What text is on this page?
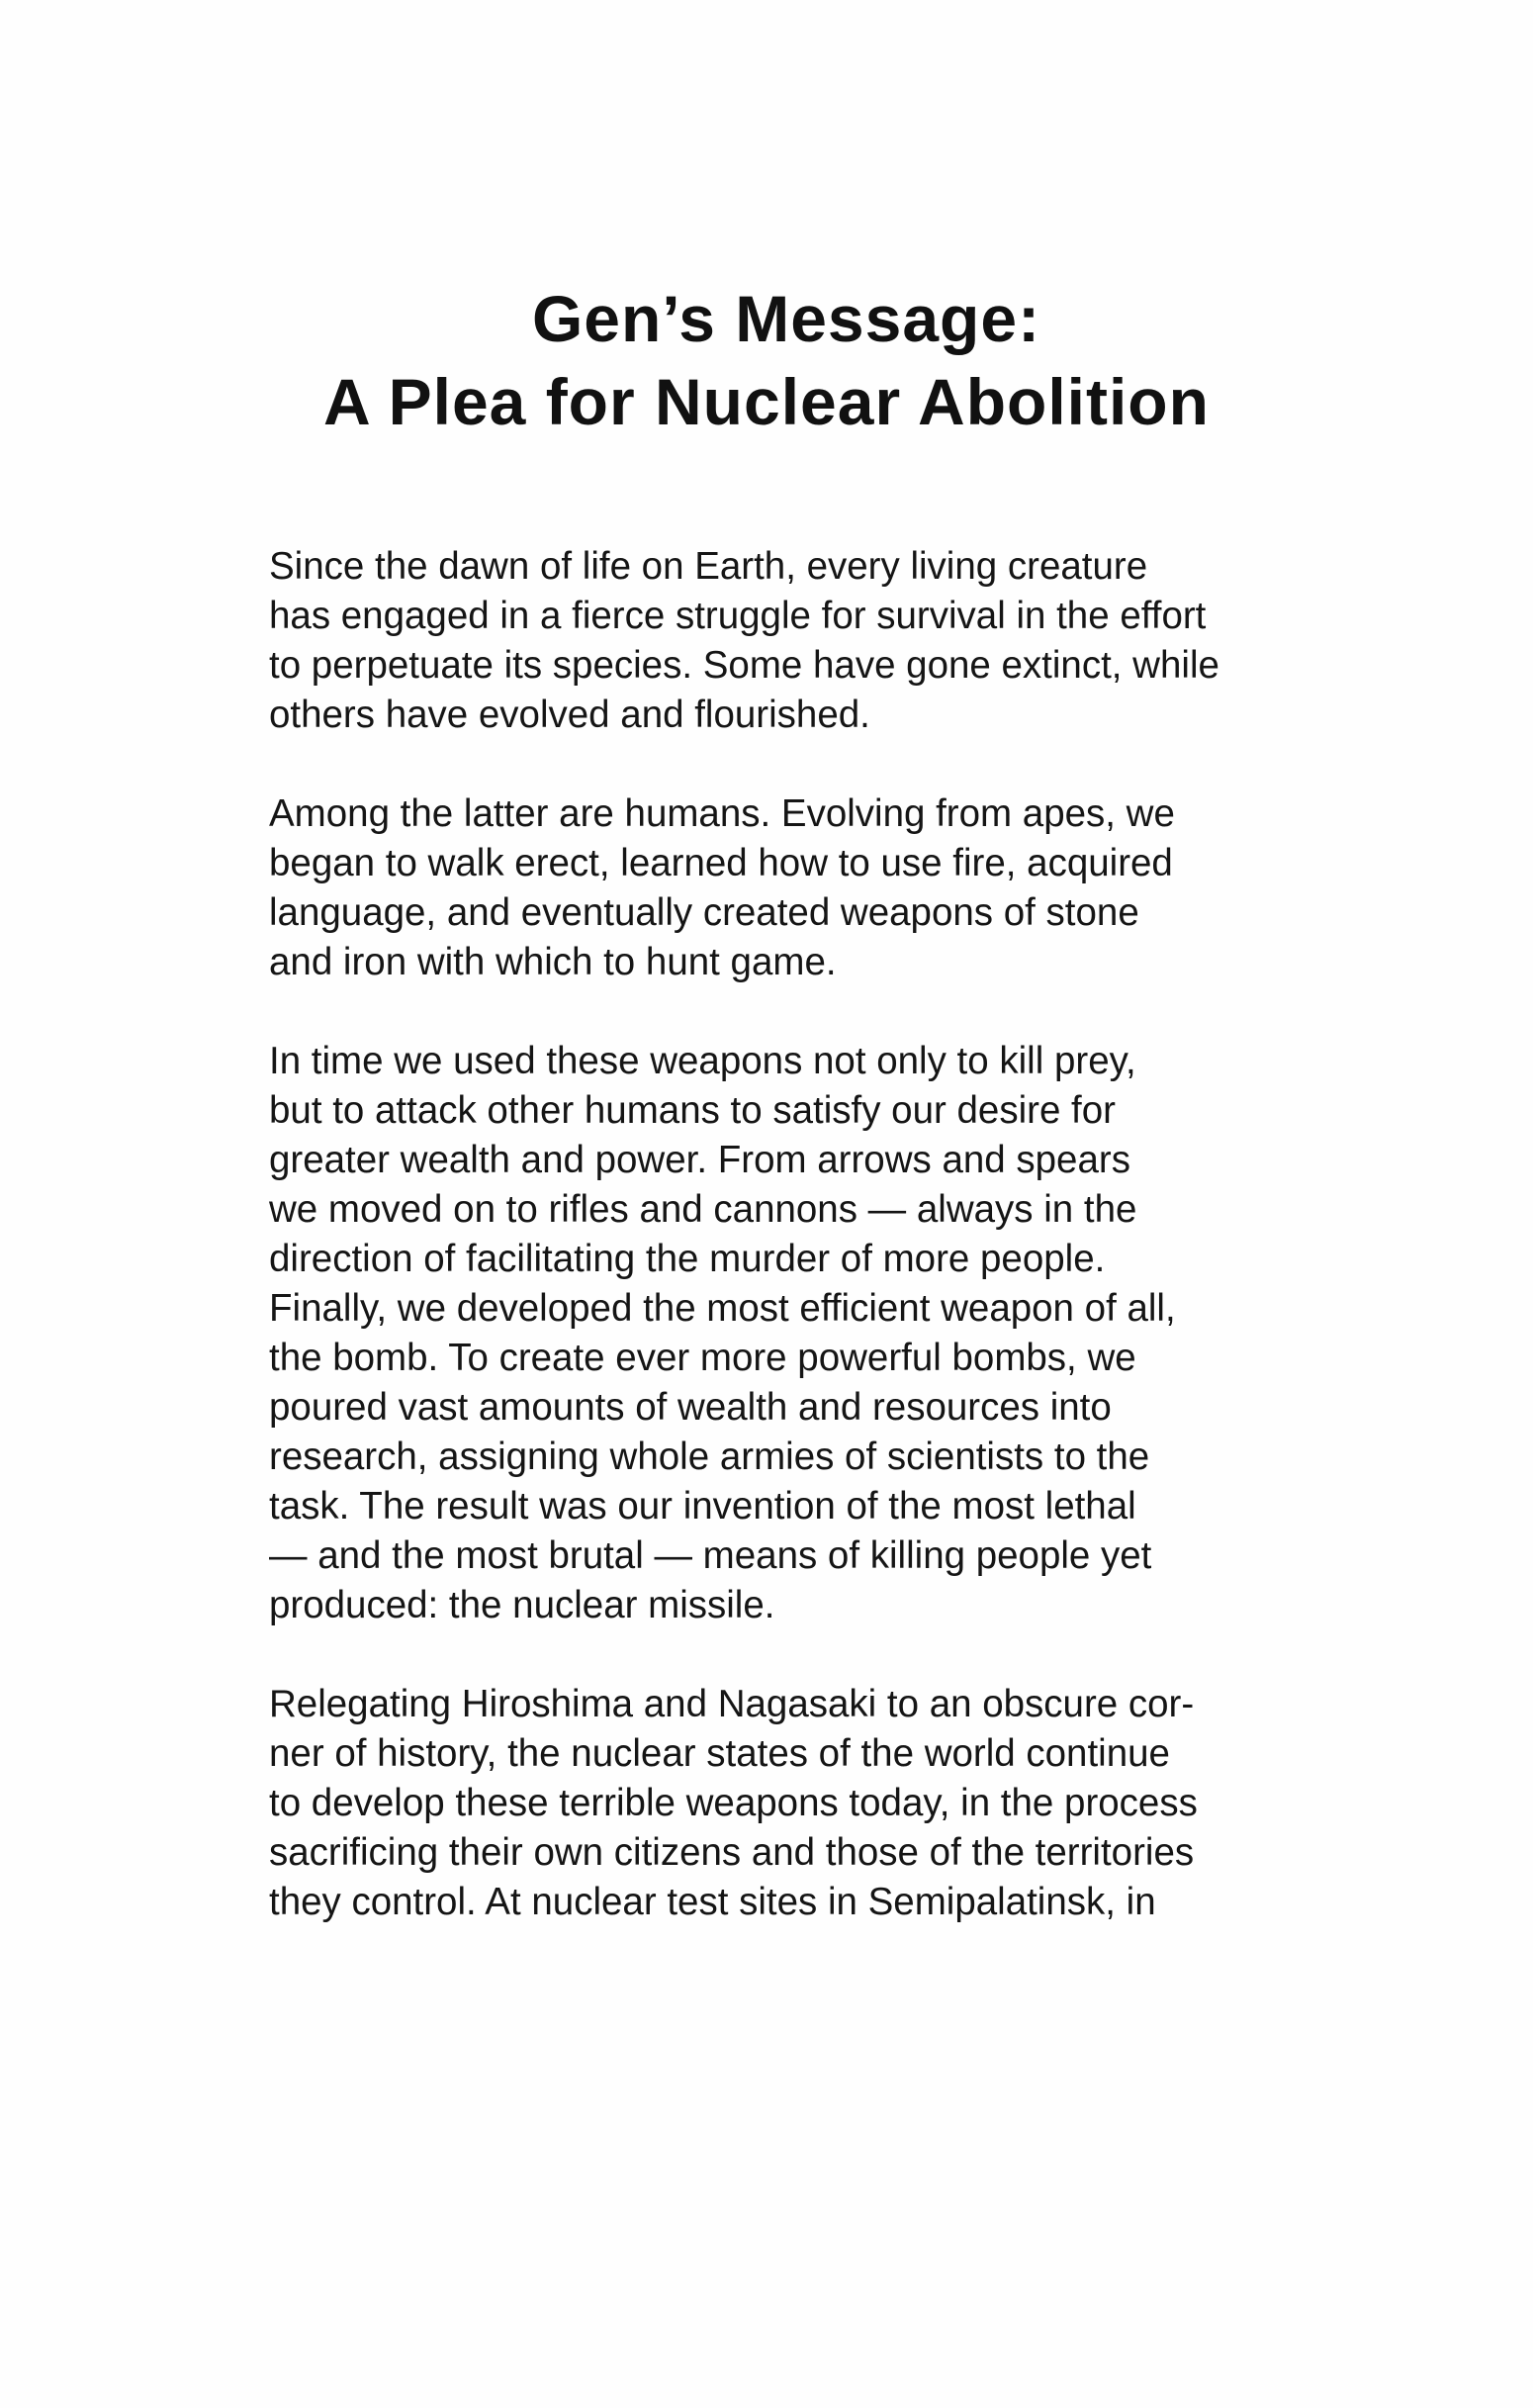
Gen’s Message:
A Plea for Nuclear Abolition
Since the dawn of life on Earth, every living creature
has engaged in a fierce struggle for survival in the effort
to perpetuate its species. Some have gone extinct, while
others have evolved and flourished.
Among the latter are humans. Evolving from apes, we
began to walk erect, learned how to use fire, acquired
language, and eventually created weapons of stone
and iron with which to hunt game.
In time we used these weapons not only to kill prey,
but to attack other humans to satisfy our desire for
greater wealth and power. From arrows and spears
we moved on to rifles and cannons — always in the
direction of facilitating the murder of more people.
Finally, we developed the most efficient weapon of all,
the bomb. To create ever more powerful bombs, we
poured vast amounts of wealth and resources into
research, assigning whole armies of scientists to the
task. The result was our invention of the most lethal
— and the most brutal — means of killing people yet
produced: the nuclear missile.
Relegating Hiroshima and Nagasaki to an obscure cor-
ner of history, the nuclear states of the world continue
to develop these terrible weapons today, in the process
sacrificing their own citizens and those of the territories
they control. At nuclear test sites in Semipalatinsk, in
